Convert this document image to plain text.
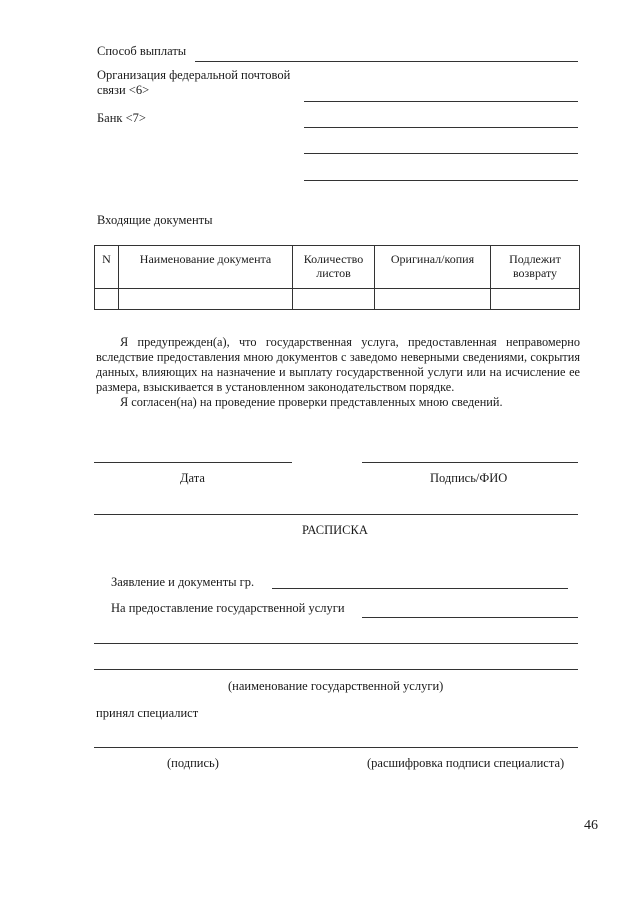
Способ выплаты
Организация федеральной почтовой
связи <6>
Банк <7>
Входящие документы
N	Наименование документа	Количество листов	Оригинал/копия	Подлежит возврату

Я предупрежден(а), что государственная услуга, предоставленная неправомерно вследствие предоставления мною документов с заведомо неверными сведениями, сокрытия данных, влияющих на назначение и выплату государственной услуги или на исчисление ее размера, взыскивается в установленном законодательством порядке.

Я согласен(на) на проведение проверки представленных мною сведений.

Дата	Подпись/ФИО
РАСПИСКА
Заявление и документы гр.
На предоставление государственной услуги
(наименование государственной услуги)
принял специалист
(подпись)	(расшифровка подписи специалиста)
46
